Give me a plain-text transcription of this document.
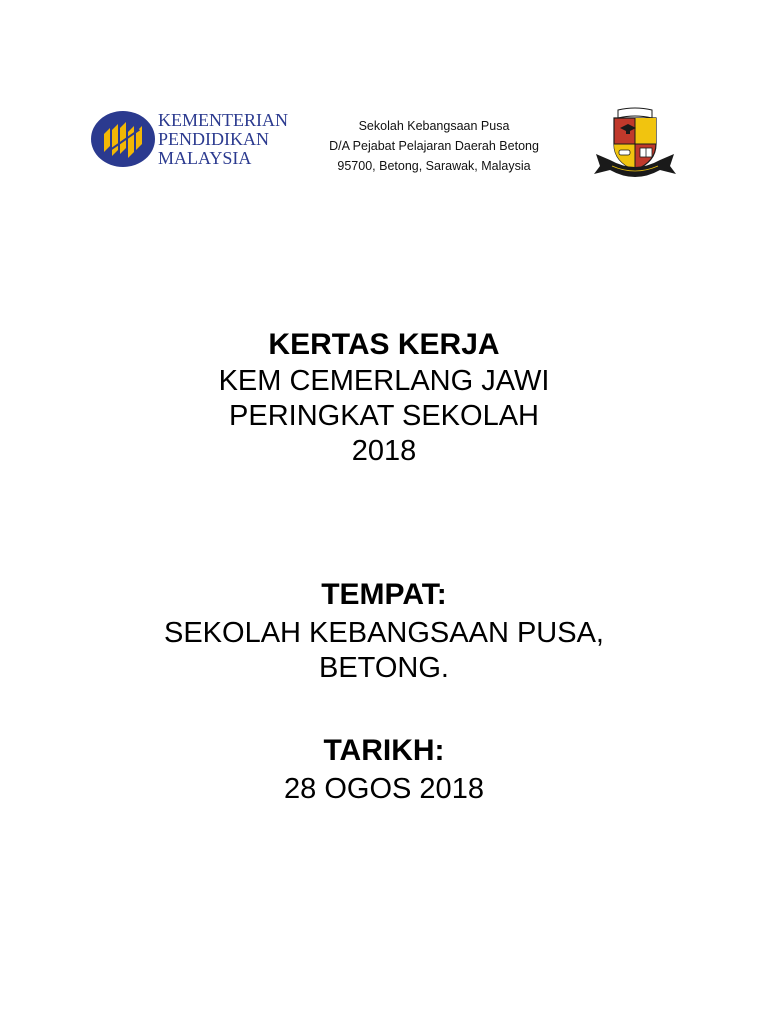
KEMENTERIAN
PENDIDIKAN
MALAYSIA
Sekolah Kebangsaan Pusa
D/A Pejabat Pelajaran Daerah Betong
95700, Betong, Sarawak, Malaysia
KERTAS KERJA
KEM CEMERLANG JAWI
PERINGKAT SEKOLAH
2018
TEMPAT:
SEKOLAH KEBANGSAAN PUSA,
BETONG.
TARIKH:
28 OGOS 2018
